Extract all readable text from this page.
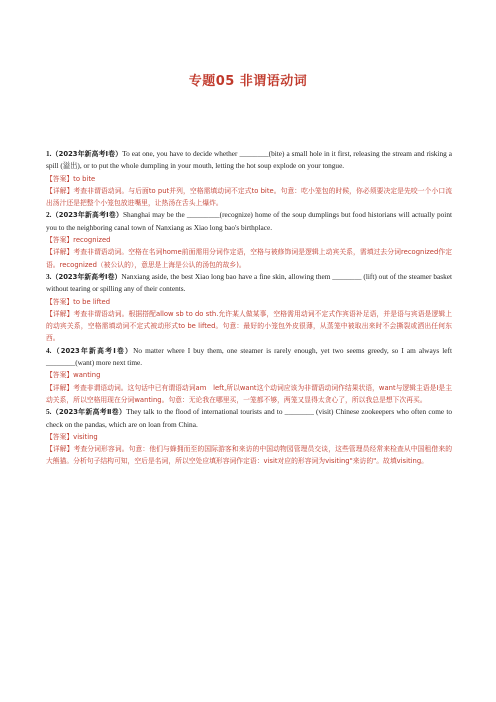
专题05 非谓语动词

1.（2023年新高考Ⅰ卷）To eat one, you have to decide whether ________(bite) a small hole in it first, releasing the stream and risking a spill (溢出), or to put the whole dumpling in your mouth, letting the hot soup explode on your tongue.

【答案】to bite

【详解】考查非谓语动词。与后面to put并列，空格需填动词不定式to bite。句意：吃小笼包的时候，你必须要决定是先咬一个小口流出汤汁还是把整个小笼包放进嘴里，让热汤在舌头上爆炸。

2.（2023年新高考Ⅰ卷）Shanghai may be the _________(recognize) home of the soup dumplings but food historians will actually point you to the neighboring canal town of Nanxiang as Xiao long bao's birthplace.

【答案】recognized

【详解】考查非谓语动词。空格在名词home前面需用分词作定语，空格与被修饰词是逻辑上动宾关系，需填过去分词recognized作定语。recognized（被公认的），意思是上海是公认的汤包的故乡)。

3.（2023年新高考Ⅰ卷）Nanxiang aside, the best Xiao long bao have a fine skin, allowing them ________ (lift) out of the steamer basket without tearing or spilling any of their contents.

【答案】to be lifted

【详解】考查非谓语动词。根据搭配allow sb to do sth.允许某人做某事，空格需用动词不定式作宾语补足语，并是语与宾语是逻辑上的动宾关系，空格需填动词不定式被动形式to be lifted。句意：最好的小笼包外皮很薄，从蒸笼中被取出来时不会撕裂或洒出任何东西。

4.（2023年新高考Ⅰ卷）No matter where I buy them, one steamer is rarely enough, yet two seems greedy, so I am always left ________(want) more next time.

【答案】wanting

【详解】考查非谓语动词。这句话中已有谓语动词am　left,所以want这个动词应该为非谓语动词作结果状语，want与逻辑主语是I是主动关系，所以空格用现在分词wanting。句意：无论我在哪里买，一笼都不够，两笼又显得太贪心了，所以我总是想下次再买。

5.（2023年新高考Ⅱ卷）They talk to the flood of international tourists and to ________ (visit) Chinese zookeepers who often come to check on the pandas, which are on loan from China.

【答案】visiting

【详解】考查分词形容词。句意：他们与蜂拥而至的国际游客和来访的中国动物园管理员交谈，这些管理员经常来检查从中国租借来的大熊猫。分析句子结构可知，空后是名词，所以空处应填形容词作定语：visit对应的形容词为visiting"来访的"。故填visiting。
